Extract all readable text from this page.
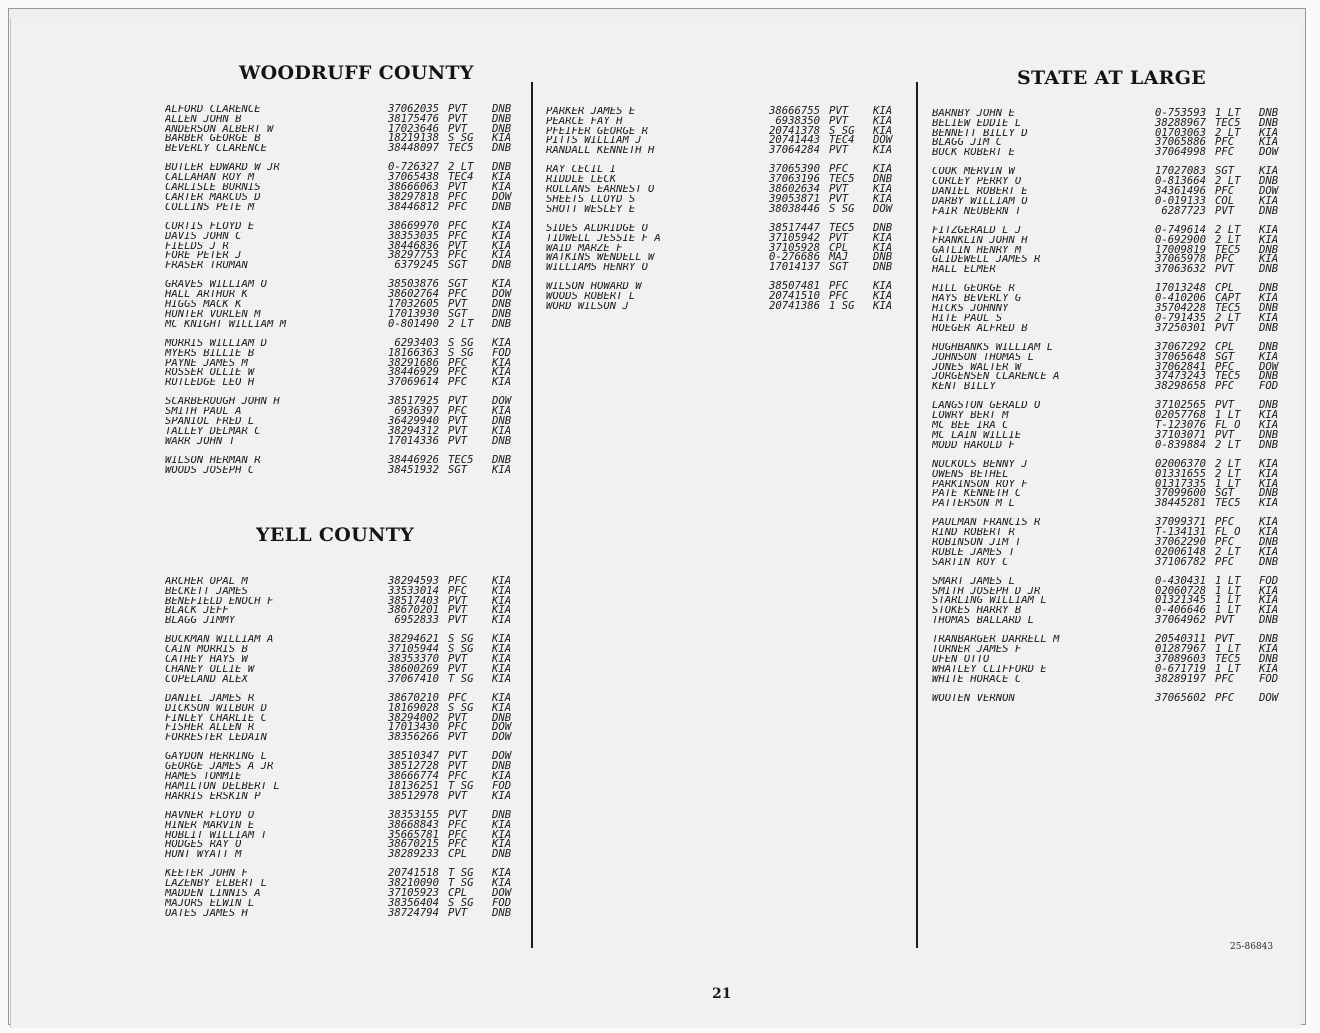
WOODRUFF COUNTY
YELL COUNTY
STATE AT LARGE
ALFORD CLARENCE	37062035 PVT	DNB
ALLEN JOHN B	38175476 PVT	DNB
ANDERSON ALBERT W	17023646 PVT	DNB
BARBER GEORGE B	18219138 S SG	KIA
BEVERLY CLARENCE	38448097 TEC5	DNB
BUTLER EDWARD W JR	0-726327 2 LT	DNB
CALLAHAN ROY M	37065438 TEC4	KIA
CARLISLE BURNIS	38666063 PVT	KIA
CARTER MARCUS D	38297818 PFC	DOW
COLLINS PETE M	38446812 PFC	DNB
CURTIS FLOYD E	38669970 PFC	KIA
DAVIS JOHN C	38353035 PFC	KIA
FIELDS J R	38446836 PVT	KIA
FORE PETER J	38297753 PFC	KIA
FRASER TRUMAN	6379245 SGT	DNB
GRAVES WILLIAM O	38503876 SGT	KIA
HALL ARTHUR K	38602764 PFC	DOW
HIGGS MACK K	17032605 PVT	DNB
HUNTER VURLEN M	17013930 SGT	DNB
MC KNIGHT WILLIAM M	0-801490 2 LT	DNB
MORRIS WILLIAM D	6293403 S SG	KIA
MYERS BILLIE B	18166363 S SG	FOD
PAYNE JAMES M	38291686 PFC	KIA
ROSSER OLLIE W	38446929 PFC	KIA
RUTLEDGE LEO H	37069614 PFC	KIA
SCARBEROUGH JOHN H	38517925 PVT	DOW
SMITH PAUL A	6936397 PFC	KIA
SPANIOL FRED L	36429940 PVT	DNB
TALLEY DELMAR C	38294312 PVT	KIA
WARR JOHN T	17014336 PVT	DNB
WILSON HERMAN R	38446926 TEC5	DNB
WOODS JOSEPH C	38451932 SGT	KIA
ARCHER OPAL M	38294593 PFC	KIA
BECKETT JAMES	33533014 PFC	KIA
BENEFIELD ENOCH F	38517403 PVT	KIA
BLACK JEFF	38670201 PVT	KIA
BLAGG JIMMY	6952833 PVT	KIA
BUCKMAN WILLIAM A	38294621 S SG	KIA
CAIN MORRIS B	37105944 S SG	KIA
CATHEY HAYS W	38353370 PVT	KIA
CHANEY OLLIE W	38600269 PVT	KIA
COPELAND ALEX	37067410 T SG	KIA
DANIEL JAMES R	38670210 PFC	KIA
DICKSON WILBUR D	18169028 S SG	KIA
FINLEY CHARLIE C	38294002 PVT	DNB
FISHER ALLEN R	17013430 PFC	DOW
FORRESTER LEDAIN	38356266 PVT	DOW
GAYDON HERRING L	38510347 PVT	DOW
GEORGE JAMES A JR	38512728 PVT	DNB
HAMES TOMMIE	38666774 PFC	KIA
HAMILTON DELBERT L	18136251 T SG	FOD
HARRIS ERSKIN P	38512978 PVT	KIA
HAVNER FLOYD O	38353155 PVT	DNB
HINER MARVIN E	38668843 PFC	KIA
HOBLIT WILLIAM T	35665781 PFC	KIA
HODGES RAY O	38670215 PFC	KIA
HUNT WYATT M	38289233 CPL	DNB
KEETER JOHN F	20741518 T SG	KIA
LAZENBY ELBERT L	38210090 T SG	KIA
MADDEN LINNIS A	37105923 CPL	DOW
MAJORS ELWIN L	38356404 S SG	FOD
OATES JAMES H	38724794 PVT	DNB
PARKER JAMES E	38666755 PVT	KIA
PEARCE FAY H	6938350 PVT	KIA
PFEIFER GEORGE R	20741378 S SG	KIA
PITTS WILLIAM J	20741443 TEC4	DOW
RANDALL KENNETH H	37064284 PVT	KIA
RAY CECIL I	37065390 PFC	KIA
RIDDLE LECK	37063196 TEC5	DNB
ROLLANS EARNEST O	38602634 PVT	KIA
SHEETS LLOYD S	39053871 PVT	KIA
SHOTT WESLEY E	38038446 S SG	DOW
SIDES ALDRIDGE O	38517447 TEC5	DNB
TIDWELL JESSIE F A	37105942 PVT	KIA
WAID MARZE F	37105928 CPL	KIA
WATKINS WENDELL W	0-276686 MAJ	DNB
WILLIAMS HENRY O	17014137 SGT	DNB
WILSON HOWARD W	38507481 PFC	KIA
WOODS ROBERT L	20741510 PFC	KIA
WORD WILSON J	20741386 1 SG	KIA
BARNBY JOHN E	0-753593 1 LT	DNB
BELIEW EDDIE L	38288967 TEC5	DNB
BENNETT BILLY D	01703063 2 LT	KIA
BLAGG JIM C	37065886 PFC	KIA
BUCK ROBERT E	37064998 PFC	DOW
COOK MERVIN W	17027083 SGT	KIA
CORLEY PERRY O	0-813664 2 LT	DNB
DANIEL ROBERT E	34361496 PFC	DOW
DARBY WILLIAM O	0-019133 COL	KIA
FAIR NEUBERN T	6287723 PVT	DNB
FITZGERALD L J	0-749614 2 LT	KIA
FRANKLIN JOHN H	0-692900 2 LT	KIA
GATLIN HENRY M	17009819 TEC5	DNB
GLIDEWELL JAMES R	37065978 PFC	KIA
HALL ELMER	37063632 PVT	DNB
HILL GEORGE R	17013248 CPL	DNB
HAYS BEVERLY G	0-410206 CAPT	KIA
HICKS JOHNNY	35704228 TEC5	DNB
HITE PAUL S	0-791435 2 LT	KIA
HOEGER ALFRED B	37250301 PVT	DNB
HUGHBANKS WILLIAM L	37067292 CPL	DNB
JOHNSON THOMAS L	37065648 SGT	KIA
JONES WALTER W	37062841 PFC	DOW
JORGENSEN CLARENCE A	37473243 TEC5	DNB
KENT BILLY	38298658 PFC	FOD
LANGSTON GERALD O	37102565 PVT	DNB
LOWRY BERT M	02057768 1 LT	KIA
MC BEE IRA C	T-123076 FL O	KIA
MC LAIN WILLIE	37103071 PVT	DNB
MODD HAROLD F	0-839884 2 LT	DNB
NUCKOLS BENNY J	02006370 2 LT	KIA
OWENS BETHEL	01331655 2 LT	KIA
PARKINSON ROY F	01317335 1 LT	KIA
PATE KENNETH C	37099600 SGT	DNB
PATTERSON M L	38445281 TEC5	KIA
PAULMAN FRANCIS R	37099371 PFC	KIA
RIND ROBERT R	T-134131 FL O	KIA
ROBINSON JIM T	37062290 PFC	DNB
RUBLE JAMES T	02006148 2 LT	KIA
SARTIN ROY C	37106782 PFC	DNB
SMART JAMES L	0-430431 1 LT	FOD
SMITH JOSEPH D JR	02060728 1 LT	KIA
STARLING WILLIAM L	01321345 1 LT	KIA
STOKES HARRY B	0-406646 1 LT	KIA
THOMAS BALLARD L	37064962 PVT	DNB
TRANBARGER DARRELL M	20540311 PVT	DNB
TURNER JAMES F	01287967 1 LT	KIA
UFEN OTTO	37089603 TEC5	DNB
WHATLEY CLIFFORD E	0-671719 1 LT	KIA
WHITE HORACE C	38289197 PFC	FOD
WOOTEN VERNON	37065602 PFC	DOW
21
25-86843
